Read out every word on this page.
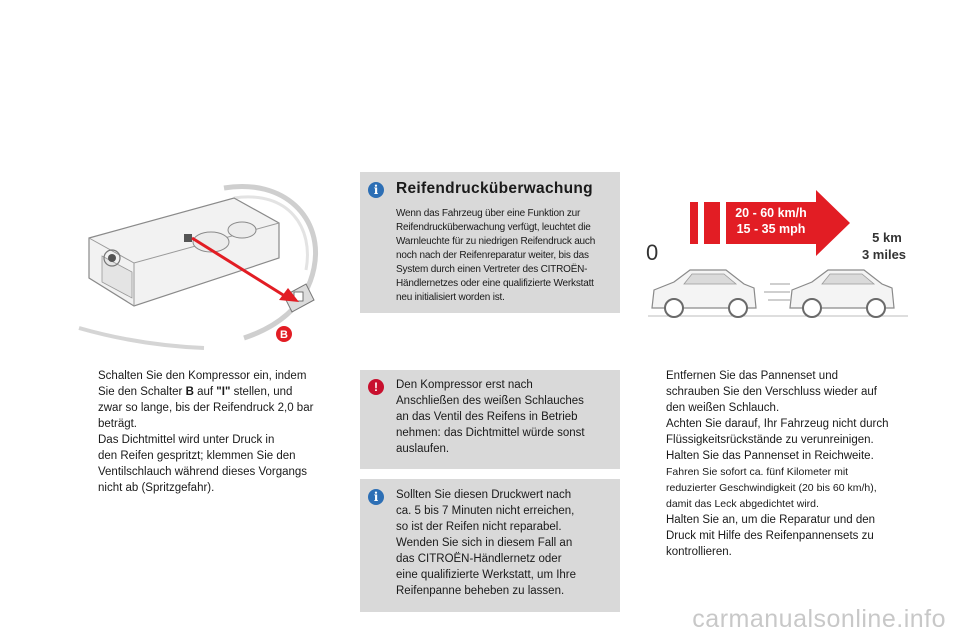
B
20 - 60 km/h
15 - 35 mph
0
5 km
3 miles
i	Reifendrucküberwachung
Wenn das Fahrzeug über eine Funktion zur
Reifendrucküberwachung verfügt, leuchtet die
Warnleuchte für zu niedrigen Reifendruck auch
noch nach der Reifenreparatur weiter, bis das
System durch einen Vertreter des CITROËN-
Händlernetzes oder eine qualifizierte Werkstatt
neu initialisiert worden ist.
Schalten Sie den Kompressor ein, indem
Sie den Schalter B auf "I" stellen, und
zwar so lange, bis der Reifendruck 2,0 bar
beträgt.
Das Dichtmittel wird unter Druck in
den Reifen gespritzt; klemmen Sie den
Ventilschlauch während dieses Vorgangs
nicht ab (Spritzgefahr).
!	Den Kompressor erst nach
Anschließen des weißen Schlauches
an das Ventil des Reifens in Betrieb
nehmen: das Dichtmittel würde sonst
auslaufen.
i	Sollten Sie diesen Druckwert nach
ca. 5 bis 7 Minuten nicht erreichen,
so ist der Reifen nicht reparabel.
Wenden Sie sich in diesem Fall an
das CITROËN-Händlernetz oder
eine qualifizierte Werkstatt, um Ihre
Reifenpanne beheben zu lassen.
Entfernen Sie das Pannenset und
schrauben Sie den Verschluss wieder auf
den weißen Schlauch.
Achten Sie darauf, Ihr Fahrzeug nicht durch
Flüssigkeitsrückstände zu verunreinigen.
Halten Sie das Pannenset in Reichweite.
Fahren Sie sofort ca. fünf Kilometer mit
reduzierter Geschwindigkeit (20 bis 60 km/h),
damit das Leck abgedichtet wird.
Halten Sie an, um die Reparatur und den
Druck mit Hilfe des Reifenpannensets zu
kontrollieren.
carmanualsonline.info
